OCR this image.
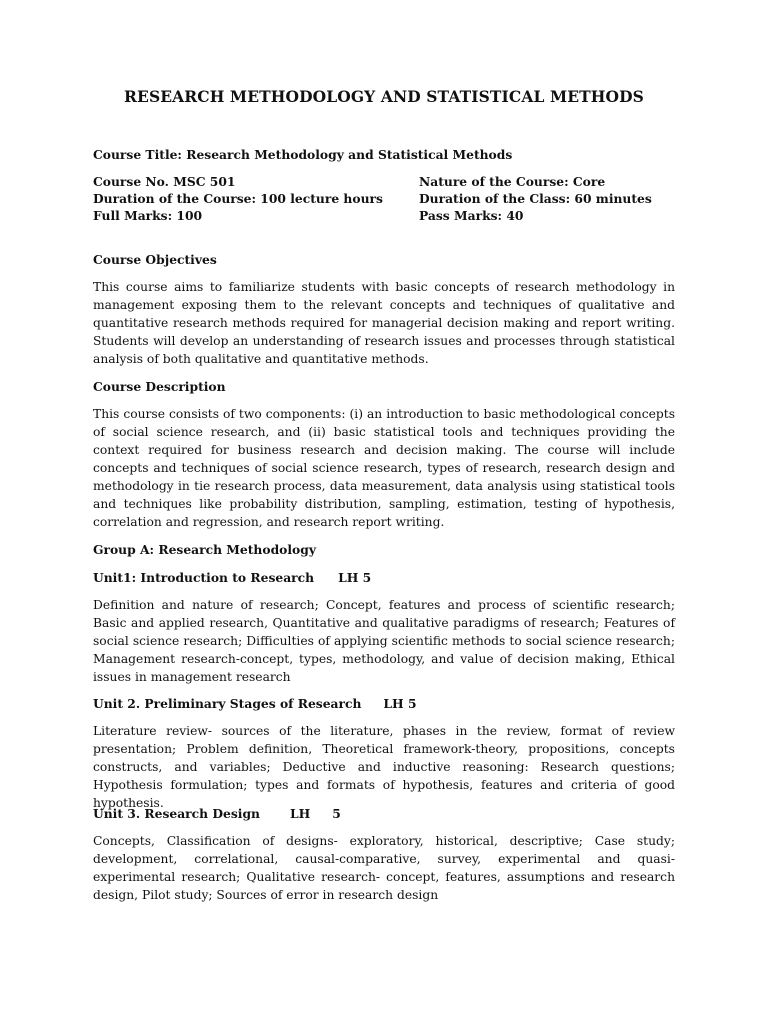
RESEARCH METHODOLOGY AND STATISTICAL METHODS
Course Title: Research Methodology and Statistical Methods
Course No. MSC 501	Nature of the Course: Core
Duration of the Course: 100 lecture hours	Duration of the Class: 60 minutes
Full Marks: 100	Pass Marks: 40
Course Objectives
This course aims to familiarize students with basic concepts of research methodology in management exposing them to the relevant concepts and techniques of qualitative and quantitative research methods required for managerial decision making and report writing. Students will develop an understanding of research issues and processes through statistical analysis of both qualitative and quantitative methods.
Course Description
This course consists of two components: (i) an introduction to basic methodological concepts of social science research, and (ii) basic statistical tools and techniques providing the context required for business research and decision making. The course will include concepts and techniques of social science research, types of research, research design and methodology in tie research process, data measurement, data analysis using statistical tools and techniques like probability distribution, sampling, estimation, testing of hypothesis, correlation and regression, and research report writing.
Group A: Research Methodology
Unit1: Introduction to Research LH 5
Definition and nature of research; Concept, features and process of scientific research; Basic and applied research, Quantitative and qualitative paradigms of research; Features of social science research; Difficulties of applying scientific methods to social science research; Management research-concept, types, methodology, and value of decision making, Ethical issues in management research
Unit 2. Preliminary Stages of Research LH 5
Literature review- sources of the literature, phases in the review, format of review presentation; Problem definition, Theoretical framework-theory, propositions, concepts constructs, and variables; Deductive and inductive reasoning: Research questions; Hypothesis formulation; types and formats of hypothesis, features and criteria of good hypothesis.
Unit 3. Research Design LH 5
Concepts, Classification of designs- exploratory, historical, descriptive; Case study; development, correlational, causal-comparative, survey, experimental and quasi-experimental research; Qualitative research- concept, features, assumptions and research design, Pilot study; Sources of error in research design
